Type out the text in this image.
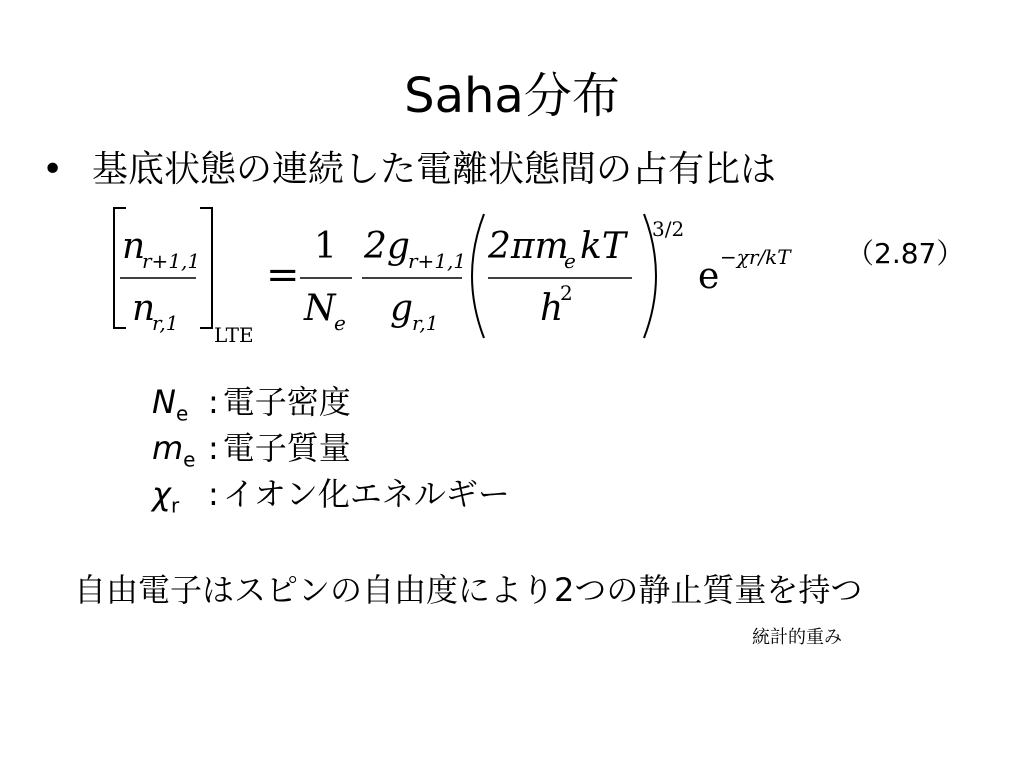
Saha分布
• 基底状態の連続した電離状態間の占有比は
n
r+1,1
n
r,1 LTE
=
1
N
e
2g
r+1,1
g
r,1
2πm
e kT
h
2
3/2
e −χr/kT （2.87）
$N_e$ : 電子密度
$m_e$ : 電子質量
$\chi_r$ : イオン化エネルギー
自由電子はスピンの自由度により2つの静止質量を持つ
統計的重み
